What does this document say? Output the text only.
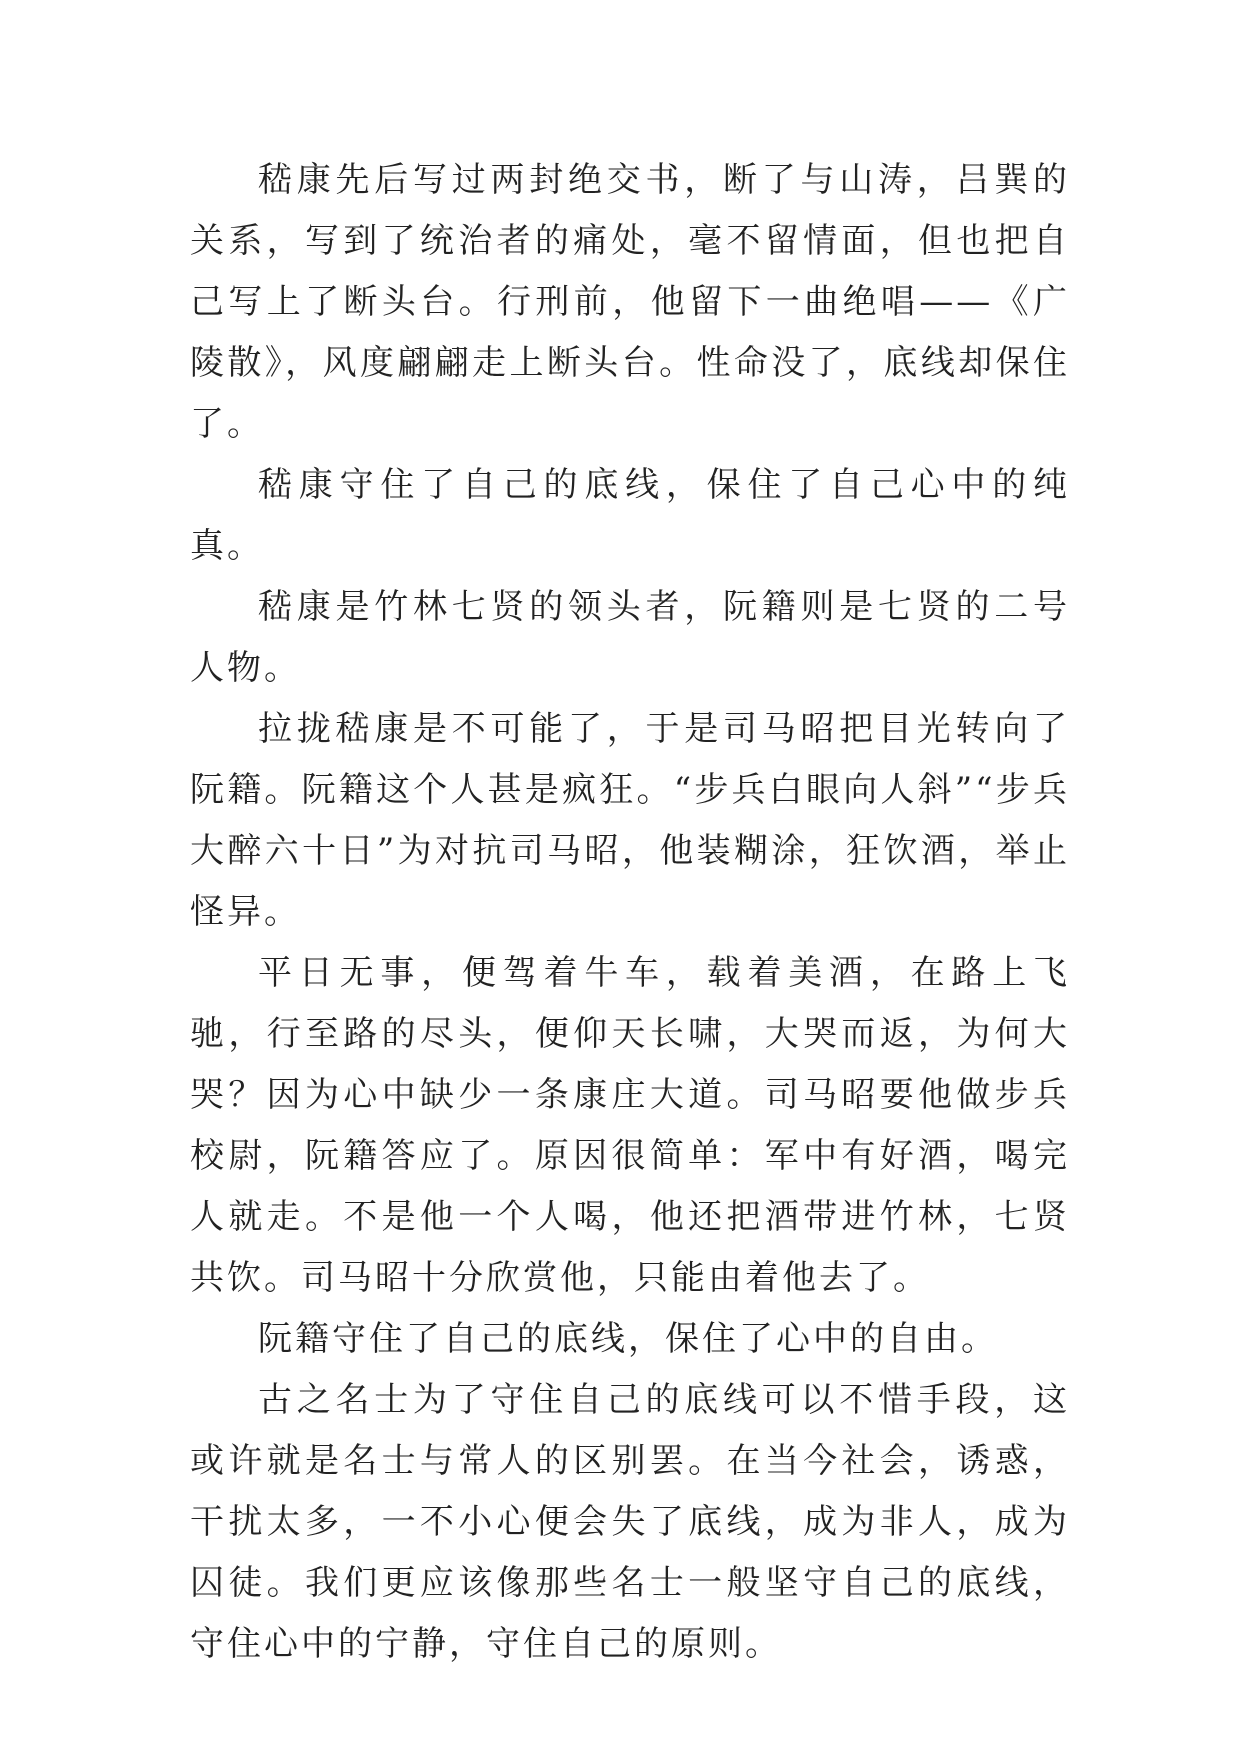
嵇康先后写过两封绝交书，断了与山涛，吕巽的关系，写到了统治者的痛处，毫不留情面，但也把自己写上了断头台。行刑前，他留下一曲绝唱——《广陵散》，风度翩翩走上断头台。性命没了，底线却保住了。

嵇康守住了自己的底线，保住了自己心中的纯真。

嵇康是竹林七贤的领头者，阮籍则是七贤的二号人物。

拉拢嵇康是不可能了，于是司马昭把目光转向了阮籍。阮籍这个人甚是疯狂。“步兵白眼向人斜”“步兵大醉六十日”为对抗司马昭，他装糊涂，狂饮酒，举止怪异。

平日无事，便驾着牛车，载着美酒，在路上飞驰，行至路的尽头，便仰天长啸，大哭而返，为何大哭？因为心中缺少一条康庄大道。司马昭要他做步兵校尉，阮籍答应了。原因很简单：军中有好酒，喝完人就走。不是他一个人喝，他还把酒带进竹林，七贤共饮。司马昭十分欣赏他，只能由着他去了。

阮籍守住了自己的底线，保住了心中的自由。

古之名士为了守住自己的底线可以不惜手段，这或许就是名士与常人的区别罢。在当今社会，诱惑，干扰太多，一不小心便会失了底线，成为非人，成为囚徒。我们更应该像那些名士一般坚守自己的底线，守住心中的宁静，守住自己的原则。
